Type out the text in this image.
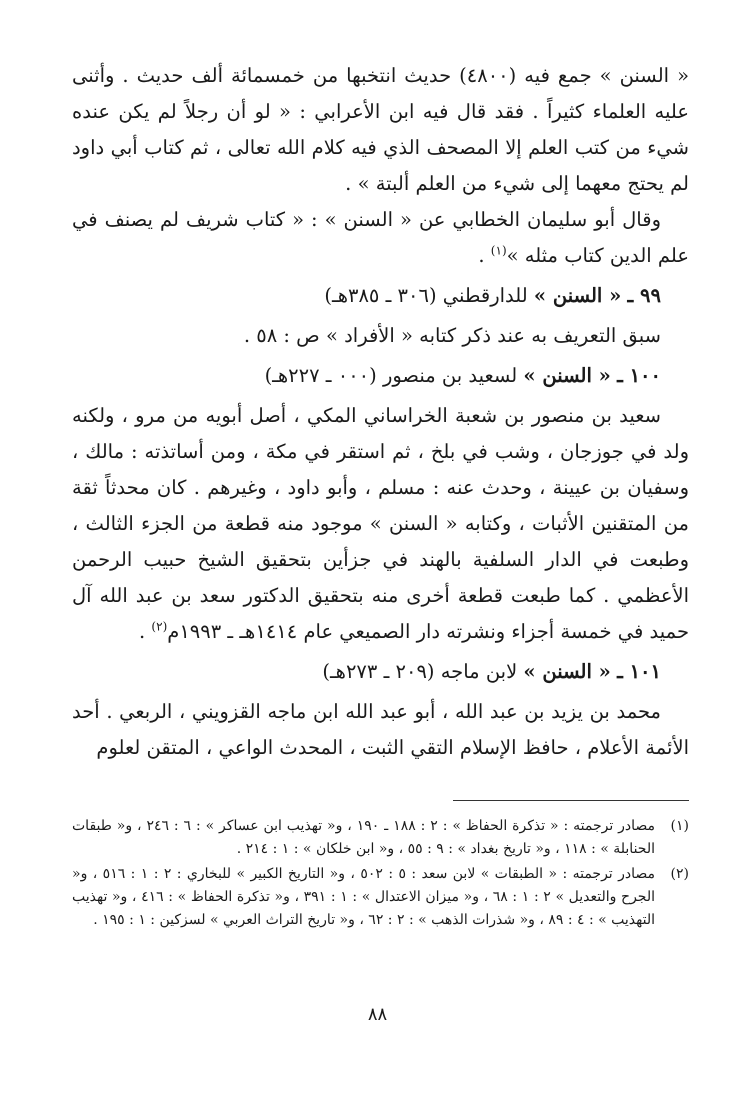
« السنن » جمع فيه (٤٨٠٠) حديث انتخبها من خمسمائة ألف حديث . وأثنى عليه العلماء كثيراً . فقد قال فيه ابن الأعرابي : « لو أن رجلاً لم يكن عنده شيء من كتب العلم إلا المصحف الذي فيه كلام الله تعالى ، ثم كتاب أبي داود لم يحتج معهما إلى شيء من العلم ألبتة » .

وقال أبو سليمان الخطابي عن « السنن » : « كتاب شريف لم يصنف في علم الدين كتاب مثله »$^{(١)}$ .

٩٩ ـ « السنن » للدارقطني (٣٠٦ ـ ٣٨٥هـ)

سبق التعريف به عند ذكر كتابه « الأفراد » ص : ٥٨ .

١٠٠ ـ « السنن » لسعيد بن منصور (٠٠٠ ـ ٢٢٧هـ)

سعيد بن منصور بن شعبة الخراساني المكي ، أصل أبويه من مرو ، ولكنه ولد في جوزجان ، وشب في بلخ ، ثم استقر في مكة ، ومن أساتذته : مالك ، وسفيان بن عيينة ، وحدث عنه : مسلم ، وأبو داود ، وغيرهم . كان محدثاً ثقة من المتقنين الأثبات ، وكتابه « السنن » موجود منه قطعة من الجزء الثالث ، وطبعت في الدار السلفية بالهند في جزأين بتحقيق الشيخ حبيب الرحمن الأعظمي . كما طبعت قطعة أخرى منه بتحقيق الدكتور سعد بن عبد الله آل حميد في خمسة أجزاء ونشرته دار الصميعي عام ١٤١٤هـ ـ ١٩٩٣م$^{(٢)}$ .

١٠١ ـ « السنن » لابن ماجه (٢٠٩ ـ ٢٧٣هـ)

محمد بن يزيد بن عبد الله ، أبو عبد الله ابن ماجه القزويني ، الربعي . أحد الأئمة الأعلام ، حافظ الإسلام التقي الثبت ، المحدث الواعي ، المتقن لعلوم

(١)
مصادر ترجمته : « تذكرة الحفاظ » : ٢ : ١٨٨ ـ ١٩٠ ، و« تهذيب ابن عساكر » : ٦ : ٢٤٦ ، و« طبقات الحنابلة » : ١١٨ ، و« تاريخ بغداد » : ٩ : ٥٥ ، و« ابن خلكان » : ١ : ٢١٤ .
(٢)
مصادر ترجمته : « الطبقات » لابن سعد : ٥ : ٥٠٢ ، و« التاريخ الكبير » للبخاري : ٢ : ١ : ٥١٦ ، و« الجرح والتعديل » ٢ : ١ : ٦٨ ، و« ميزان الاعتدال » : ١ : ٣٩١ ، و« تذكرة الحفاظ » : ٤١٦ ، و« تهذيب التهذيب » : ٤ : ٨٩ ، و« شذرات الذهب » : ٢ : ٦٢ ، و« تاريخ التراث العربي » لسزكين : ١ : ١٩٥ .
٨٨
